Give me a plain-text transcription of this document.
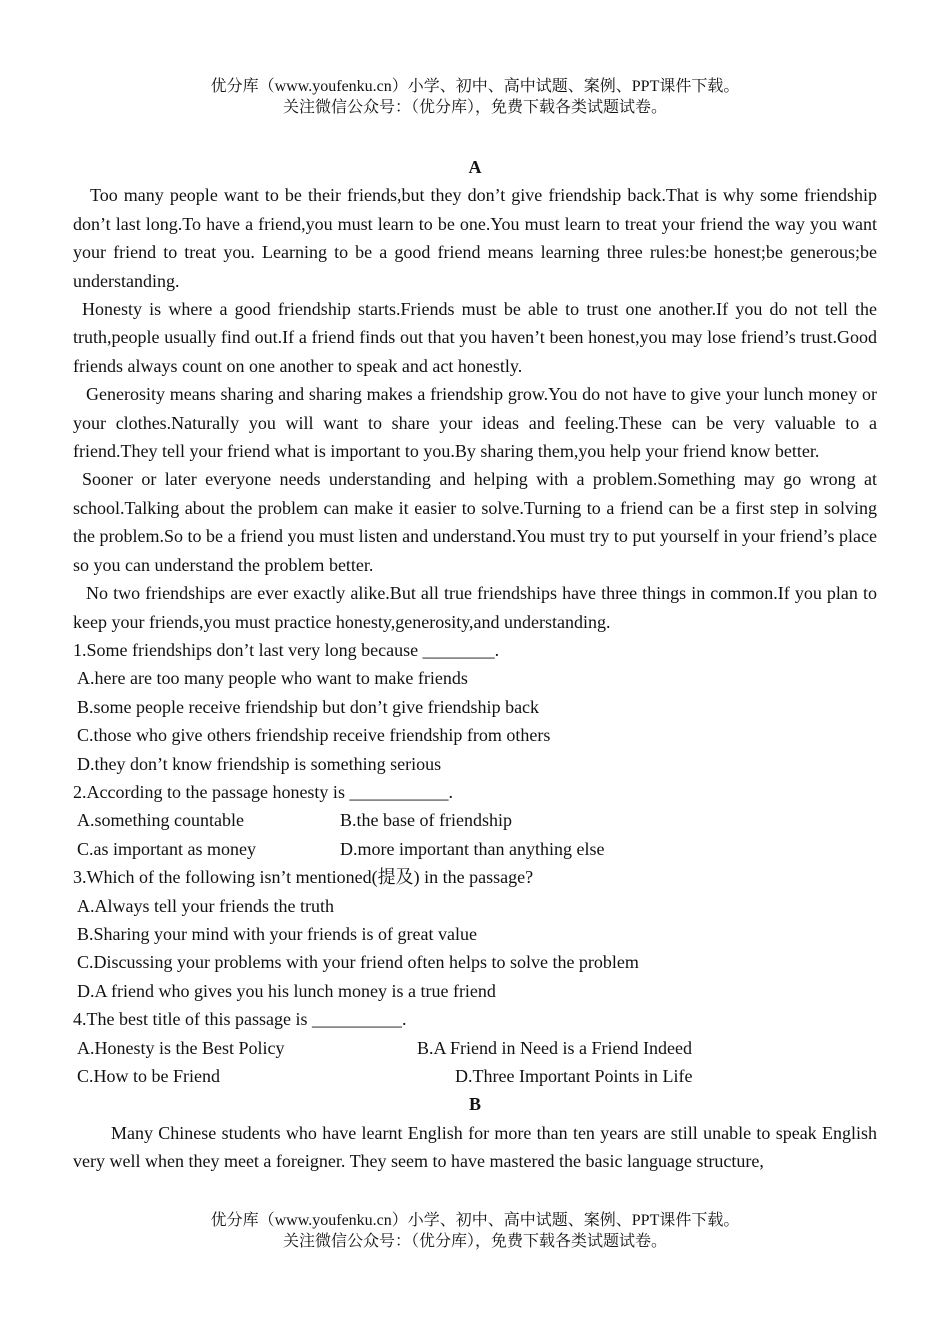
优分库（www.youfenku.cn）小学、初中、高中试题、案例、PPT课件下载。
关注微信公众号：（优分库），免费下载各类试题试卷。
A
Too many people want to be their friends,but they don’t give friendship back.That is why some friendship don’t last long.To have a friend,you must learn to be one.You must learn to treat your friend the way you want your friend to treat you. Learning to be a good friend means learning three rules:be honest;be generous;be understanding.
Honesty is where a good friendship starts.Friends must be able to trust one another.If you do not tell the truth,people usually find out.If a friend finds out that you haven’t been honest,you may lose friend’s trust.Good friends always count on one another to speak and act honestly.
Generosity means sharing and sharing makes a friendship grow.You do not have to give your lunch money or your clothes.Naturally you will want to share your ideas and feeling.These can be very valuable to a friend.They tell your friend what is important to you.By sharing them,you help your friend know better.
Sooner or later everyone needs understanding and helping with a problem.Something may go wrong at school.Talking about the problem can make it easier to solve.Turning to a friend can be a first step in solving the problem.So to be a friend you must listen and understand.You must try to put yourself in your friend’s place so you can understand the problem better.
No two friendships are ever exactly alike.But all true friendships have three things in common.If you plan to keep your friends,you must practice honesty,generosity,and understanding.
1.Some friendships don’t last very long because ________.
A.here are too many people who want to make friends
B.some people receive friendship but don’t give friendship back
C.those who give others friendship receive friendship from others
D.they don’t know friendship is something serious
2.According to the passage honesty is ___________.
A.something countable	B.the base of friendship
C.as important as money	D.more important than anything else
3.Which of the following isn’t mentioned(提及) in the passage?
A.Always tell your friends the truth
B.Sharing your mind with your friends is of great value
C.Discussing your problems with your friend often helps to solve the problem
D.A friend who gives you his lunch money is a true friend
4.The best title of this passage is __________.
A.Honesty is the Best Policy	B.A Friend in Need is a Friend Indeed
C.How to be Friend	D.Three Important Points in Life
B
Many Chinese students who have learnt English for more than ten years are still unable to speak English very well when they meet a foreigner. They seem to have mastered the basic language structure,
优分库（www.youfenku.cn）小学、初中、高中试题、案例、PPT课件下载。
关注微信公众号：（优分库），免费下载各类试题试卷。
